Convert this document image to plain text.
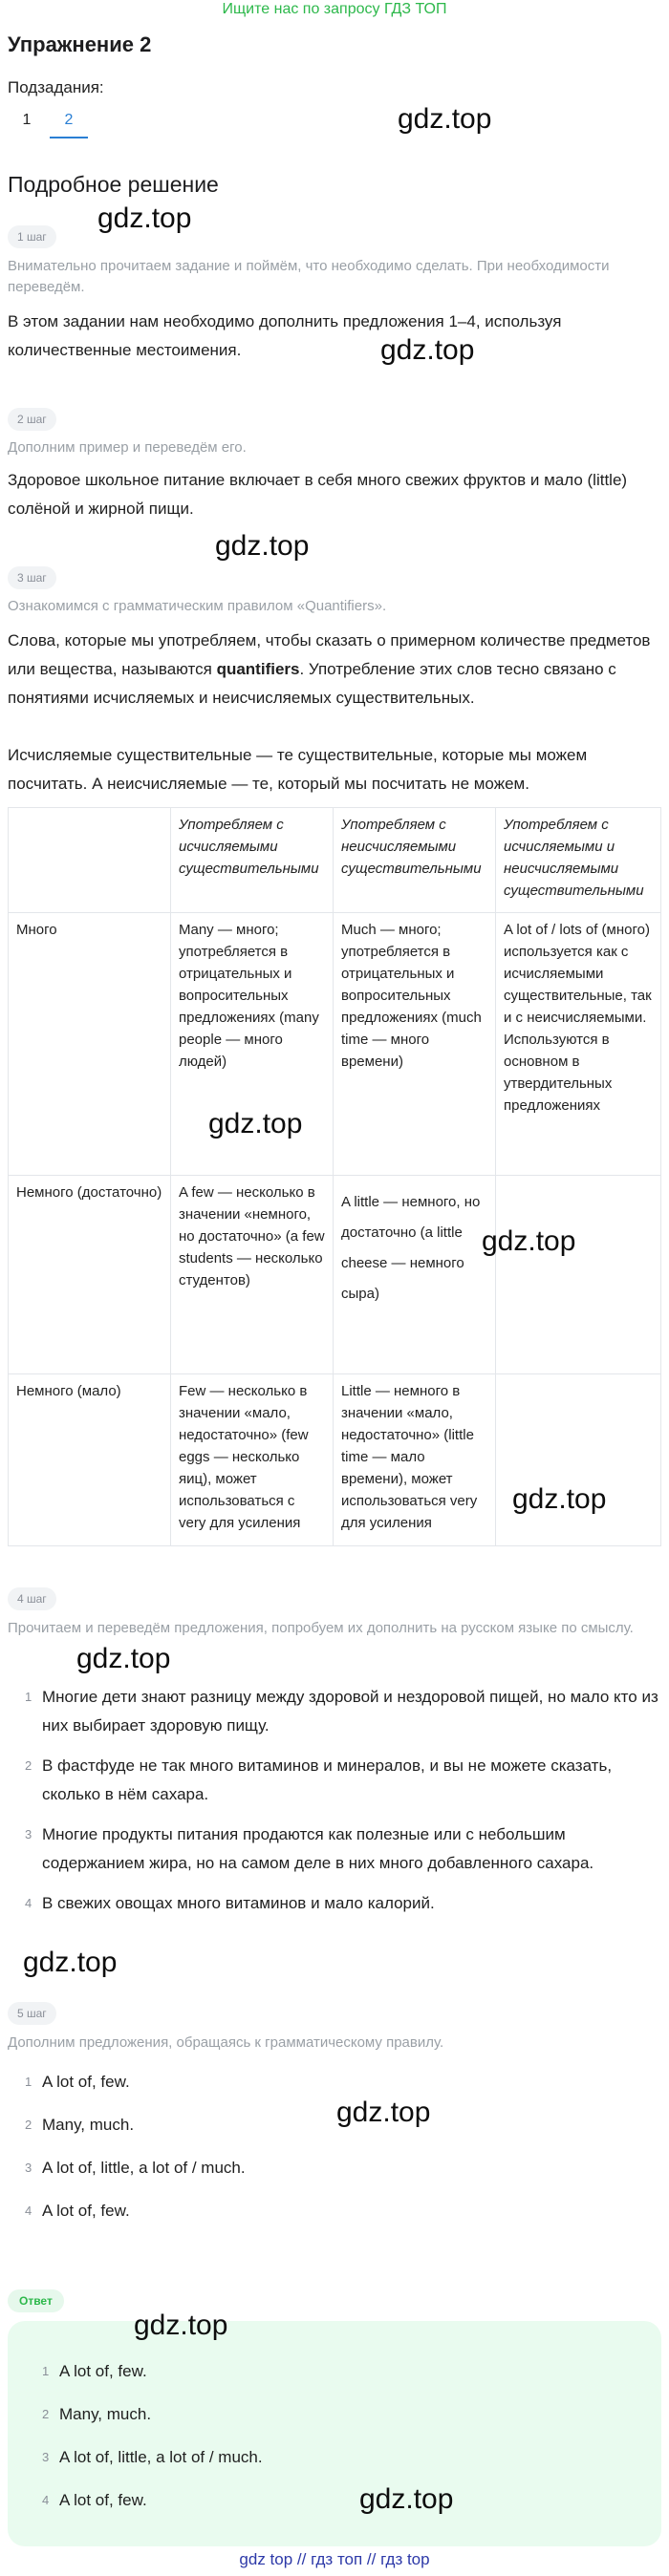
Ищите нас по запросу ГДЗ ТОП
Упражнение 2
Подзадания:
1	2	gdz.top
Подробное решение
gdz.top
1 шаг
Внимательно прочитаем задание и поймём, что необходимо сделать. При необходимости переведём.
В этом задании нам необходимо дополнить предложения 1–4, используя количественные местоимения.	gdz.top
2 шаг
Дополним пример и переведём его.
Здоровое школьное питание включает в себя много свежих фруктов и мало (little) солёной и жирной пищи.
gdz.top
3 шаг
Ознакомимся с грамматическим правилом «Quantifiers».
Слова, которые мы употребляем, чтобы сказать о примерном количестве предметов или вещества, называются quantifiers. Употребление этих слов тесно связано с понятиями исчисляемых и неисчисляемых существительных.
Исчисляемые существительные — те существительные, которые мы можем посчитать. А неисчисляемые — те, который мы посчитать не можем.
	Употребляем с исчисляемыми существительными	Употребляем с неисчисляемыми существительными	Употребляем с исчисляемыми и неисчисляемыми существительными
Много	Many — много; употребляется в отрицательных и вопросительных предложениях (many people — много людей)	Much — много; употребляется в отрицательных и вопросительных предложениях (much time — много времени)	A lot of / lots of (много) используется как с исчисляемыми существительные, так и с неисчисляемыми. Используются в основном в утвердительных предложениях
Немного (достаточно)	A few — несколько в значении «немного, но достаточно» (a few students — несколько студентов)	A little — немного, но достаточно (a little cheese — немного сыра)	
Немного (мало)	Few — несколько в значении «мало, недостаточно» (few eggs — несколько яиц), может использоваться с very для усиления	Little — немного в значении «мало, недостаточно» (little time — мало времени), может использоваться very для усиления	
gdz.top
gdz.top
gdz.top
4 шаг
Прочитаем и переведём предложения, попробуем их дополнить на русском языке по смыслу.
gdz.top
1 Многие дети знают разницу между здоровой и нездоровой пищей, но мало кто из них выбирает здоровую пищу.
2 В фастфуде не так много витаминов и минералов, и вы не можете сказать, сколько в нём сахара.
3 Многие продукты питания продаются как полезные или с небольшим содержанием жира, но на самом деле в них много добавленного сахара.
4 В свежих овощах много витаминов и мало калорий.
gdz.top
5 шаг
Дополним предложения, обращаясь к грамматическому правилу.
gdz.top
1 A lot of, few.
2 Many, much.
3 A lot of, little, a lot of / much.
4 A lot of, few.
Ответ
gdz.top
1 A lot of, few.
2 Many, much.
3 A lot of, little, a lot of / much.
4 A lot of, few.	gdz.top
gdz top // гдз топ // гдз top
